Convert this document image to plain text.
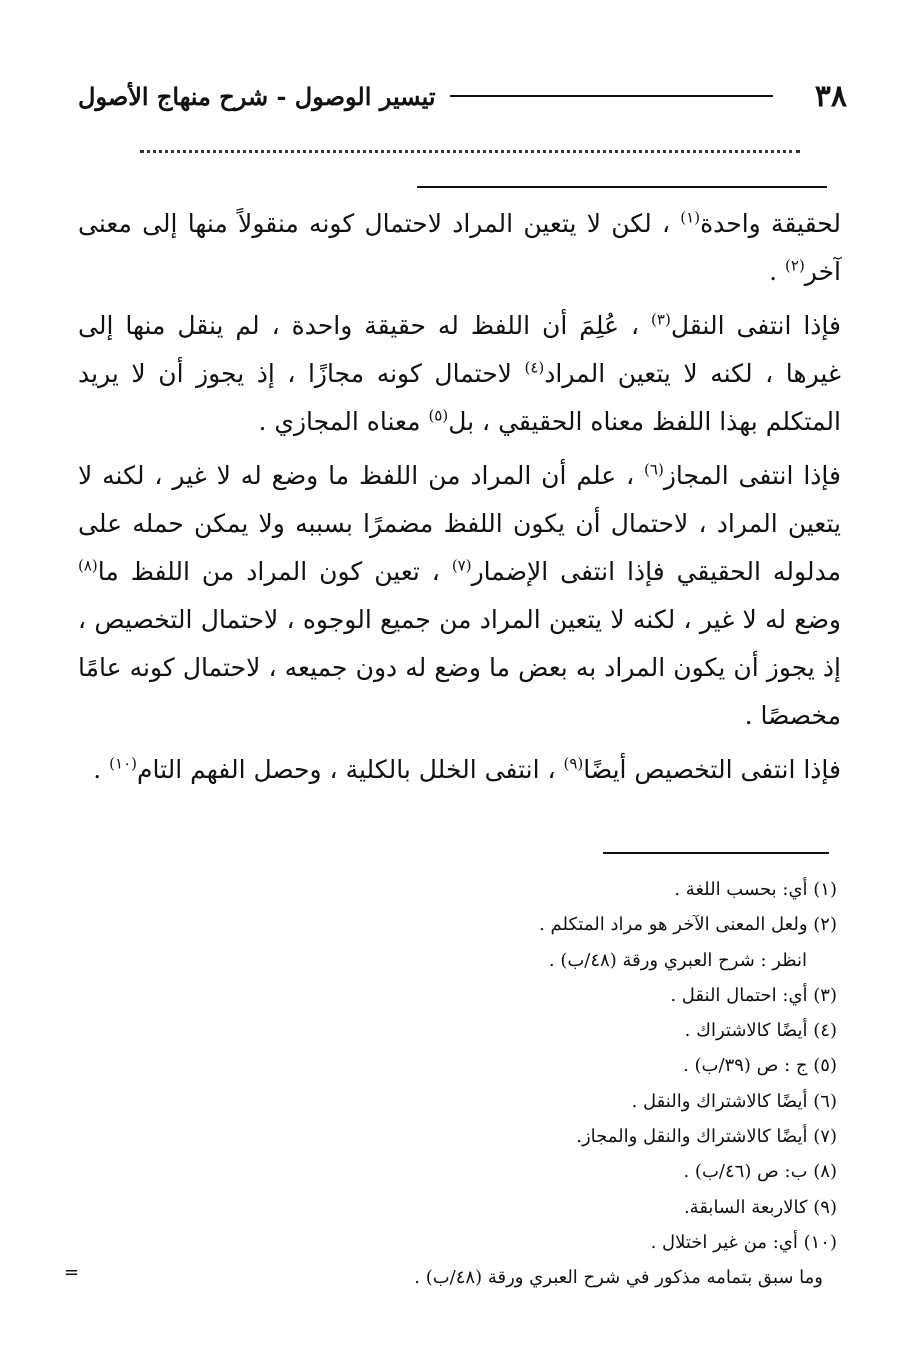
٣٨
تيسير الوصول - شرح منهاج الأصول

لحقيقة واحدة$^{(١)}$ ، لكن لا يتعين المراد لاحتمال كونه منقولاً منها إلى معنى آخر$^{(٢)}$ .

فإذا انتفى النقل$^{(٣)}$ ، عُلِمَ أن اللفظ له حقيقة واحدة ، لم ينقل منها إلى غيرها ، لكنه لا يتعين المراد$^{(٤)}$ لاحتمال كونه مجازًا ، إذ يجوز أن لا يريد المتكلم بهذا اللفظ معناه الحقيقي ، بل$^{(٥)}$ معناه المجازي .

فإذا انتفى المجاز$^{(٦)}$ ، علم أن المراد من اللفظ ما وضع له لا غير ، لكنه لا يتعين المراد ، لاحتمال أن يكون اللفظ مضمرًا بسببه ولا يمكن حمله على مدلوله الحقيقي فإذا انتفى الإضمار$^{(٧)}$ ، تعين كون المراد من اللفظ ما$^{(٨)}$ وضع له لا غير ، لكنه لا يتعين المراد من جميع الوجوه ، لاحتمال التخصيص ، إذ يجوز أن يكون المراد به بعض ما وضع له دون جميعه ، لاحتمال كونه عامًا مخصصًا .

فإذا انتفى التخصيص أيضًا$^{(٩)}$ ، انتفى الخلل بالكلية ، وحصل الفهم التام$^{(١٠)}$ .

(١) أي: بحسب اللغة .
(٢) ولعل المعنى الآخر هو مراد المتكلم .
انظر : شرح العبري ورقة (٤٨/ب) .
(٣) أي: احتمال النقل .
(٤) أيضًا كالاشتراك .
(٥) ج : ص (٣٩/ب) .
(٦) أيضًا كالاشتراك والنقل .
(٧) أيضًا كالاشتراك والنقل والمجاز.
(٨) ب: ص (٤٦/ب) .
(٩) كالاربعة السابقة.
(١٠) أي: من غير اختلال .
وما سبق بتمامه مذكور في شرح العبري ورقة (٤٨/ب) .
=
